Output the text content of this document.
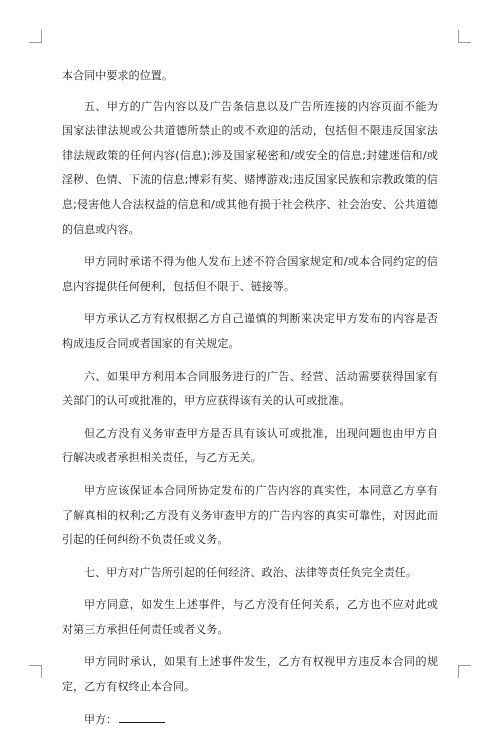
本合同中要求的位置。

五、甲方的广告内容以及广告条信息以及广告所连接的内容页面不能为国家法律法规或公共道德所禁止的或不欢迎的活动，包括但不限违反国家法律法规政策的任何内容(信息);涉及国家秘密和/或安全的信息;封建迷信和/或淫秽、色情、下流的信息;博彩有奖、赌博游戏;违反国家民族和宗教政策的信息;侵害他人合法权益的信息和/或其他有损于社会秩序、社会治安、公共道德的信息或内容。

甲方同时承诺不得为他人发布上述不符合国家规定和/或本合同约定的信息内容提供任何便利，包括但不限于、链接等。

甲方承认乙方有权根据乙方自己谨慎的判断来决定甲方发布的内容是否构成违反合同或者国家的有关规定。

六、如果甲方利用本合同服务进行的广告、经营、活动需要获得国家有关部门的认可或批准的，甲方应获得该有关的认可或批准。

但乙方没有义务审查甲方是否具有该认可或批准，出现问题也由甲方自行解决或者承担相关责任，与乙方无关。

甲方应该保证本合同所协定发布的广告内容的真实性，本同意乙方享有了解真相的权利;乙方没有义务审查甲方的广告内容的真实可靠性，对因此而引起的任何纠纷不负责任或义务。

七、甲方对广告所引起的任何经济、政治、法律等责任负完全责任。

甲方同意，如发生上述事件，与乙方没有任何关系，乙方也不应对此或对第三方承担任何责任或者义务。

甲方同时承认，如果有上述事件发生，乙方有权视甲方违反本合同的规定，乙方有权终止本合同。

甲方：
